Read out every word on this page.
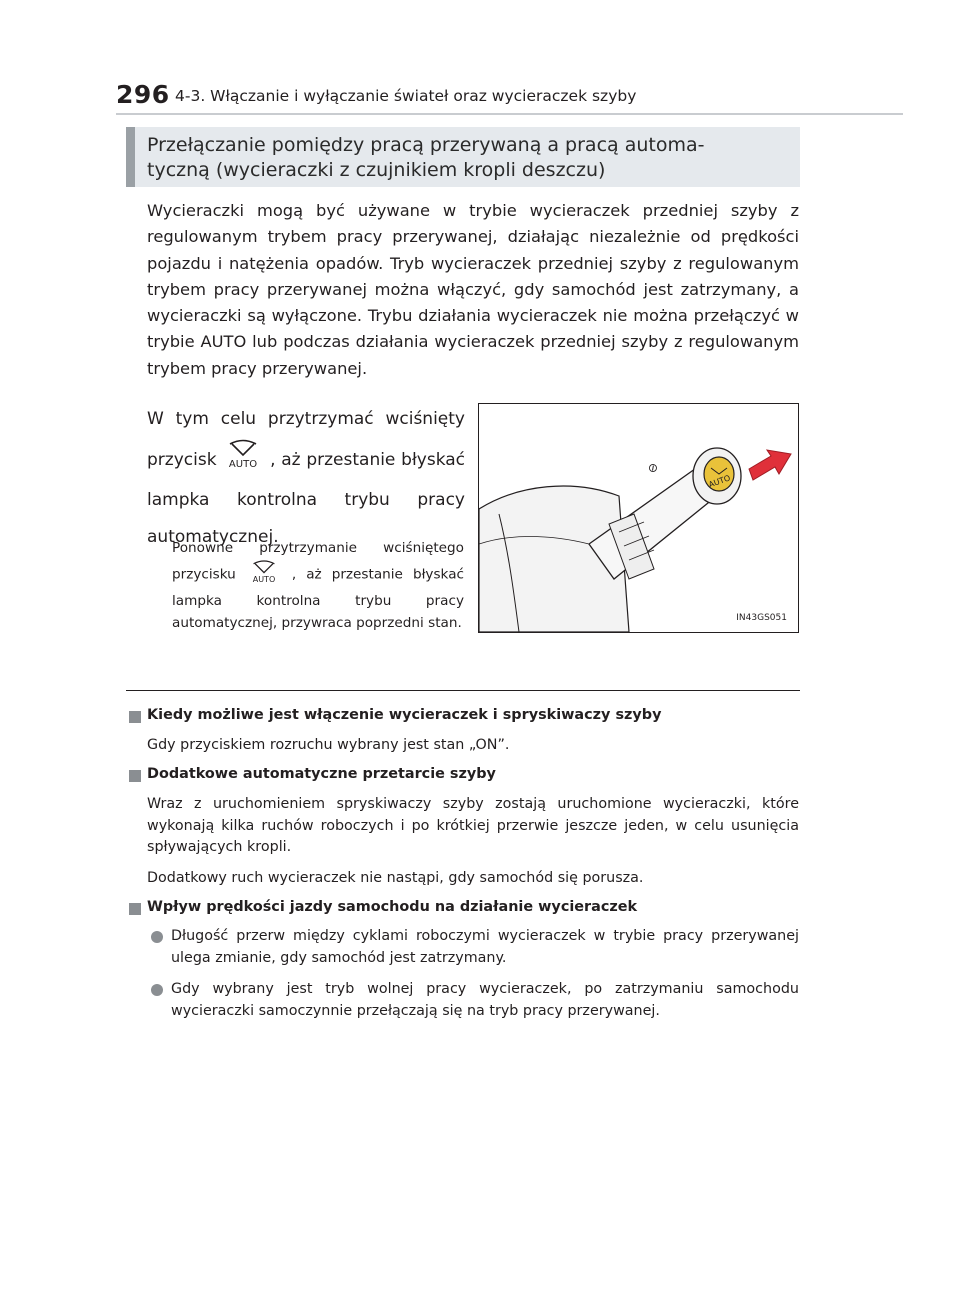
296 4-3. Włączanie i wyłączanie świateł oraz wycieraczek szyby
Przełączanie pomiędzy pracą przerywaną a pracą automa-
tyczną (wycieraczki z czujnikiem kropli deszczu)
Wycieraczki mogą być używane w trybie wycieraczek przedniej szyby z regulowanym trybem pracy przerywanej, działając niezależnie od prędkości pojazdu i natężenia opadów. Tryb wycieraczek przedniej szyby z regulowanym trybem pracy przerywanej można włączyć, gdy samochód jest zatrzymany, a wycieraczki są wyłączone. Trybu działania wycieraczek nie można przełączyć w trybie AUTO lub podczas działania wycieraczek przedniej szyby z regulowanym trybem pracy przerywanej.
W tym celu przytrzymać wciśnięty przycisk AUTO , aż przestanie błyskać lampka kontrolna trybu pracy automatycznej.
Ponowne przytrzymanie wciśniętego przycisku AUTO , aż przestanie błyskać lampka kontrolna trybu pracy automatycznej, przywraca poprzedni stan.
⊘
AUTO
IN43GS051
Kiedy możliwe jest włączenie wycieraczek i spryskiwaczy szyby
Gdy przyciskiem rozruchu wybrany jest stan „ON”.
Dodatkowe automatyczne przetarcie szyby
Wraz z uruchomieniem spryskiwaczy szyby zostają uruchomione wycieraczki, które wykonają kilka ruchów roboczych i po krótkiej przerwie jeszcze jeden, w celu usunięcia spływających kropli.
Dodatkowy ruch wycieraczek nie nastąpi, gdy samochód się porusza.
Wpływ prędkości jazdy samochodu na działanie wycieraczek
Długość przerw między cyklami roboczymi wycieraczek w trybie pracy przerywanej ulega zmianie, gdy samochód jest zatrzymany.
Gdy wybrany jest tryb wolnej pracy wycieraczek, po zatrzymaniu samochodu wycieraczki samoczynnie przełączają się na tryb pracy przerywanej.
